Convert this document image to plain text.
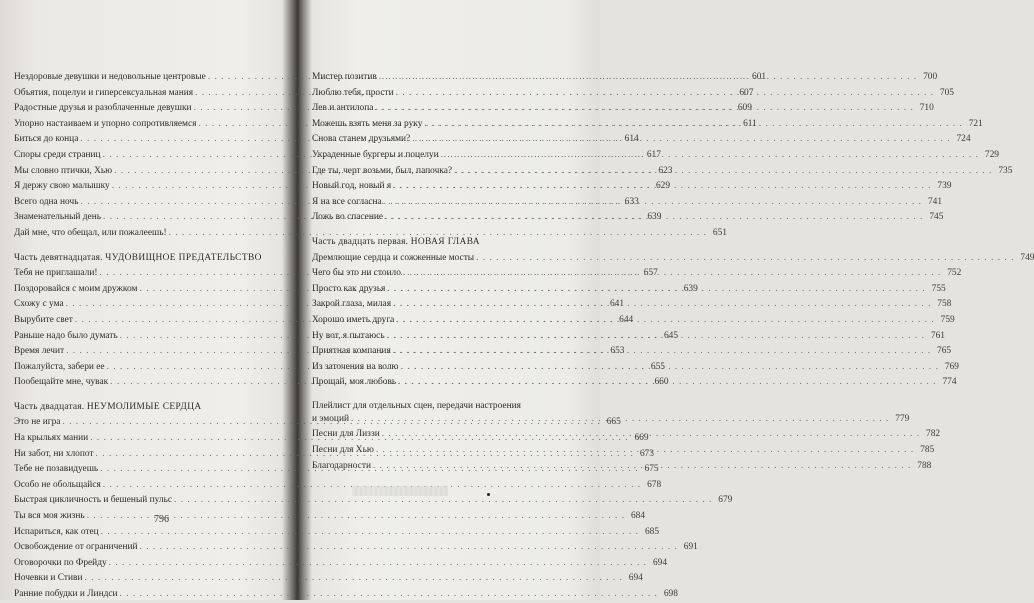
Нездоровые девушки и недовольные центровые . . .	601
Объятия, поцелуи и гиперсексуальная мания . . .	607
Радостные друзья и разоблаченные девушки . . .	609
Упорно настаиваем и упорно сопротивляемся . . .	611
Биться до конца . . .	614
Споры среди страниц . . .	617
Мы словно птички, Хью . . .	623
Я держу свою малышку . . .	629
Всего одна ночь . . .	633
Знаменательный день . . .	639
Дай мне, что обещал, или пожалеешь! . . .	651
Часть девятнадцатая. ЧУДОВИЩНОЕ ПРЕДАТЕЛЬСТВО
Тебя не приглашали! . . .	657
Поздоровайся с моим дружком . . .	639
Схожу с ума . . .	641
Вырубите свет . . .	644
Раньше надо было думать . . .	645
Время лечит . . .	653
Пожалуйста, забери ее . . .	655
Пообещайте мне, чувак . . .	660
Часть двадцатая. НЕУМОЛИМЫЕ СЕРДЦА
Это не игра . . .	665
На крыльях мании . . .	669
Ни забот, ни хлопот . . .	673
Тебе не позавидуешь . . .	675
Особо не обольщайся . . .	678
Быстрая цикличность и бешеный пульс . . .	679
Ты вся моя жизнь . . .	684
Испариться, как отец . . .	685
Освобождение от ограничений . . .	691
Оговорочки по Фрейду . . .	694
Ночевки и Стиви . . .	694
Ранние побудки и Линдси . . .	698
796
Мистер позитив . . .	700
Люблю тебя, прости . . .	705
Лев и антилопа . . .	710
Можешь взять меня за руку . . .	721
Снова станем друзьями? . . .	724
Украденные бургеры и поцелуи . . .	729
Где ты, черт возьми, был, папочка? . . .	735
Новый год, новый я . . .	739
Я на все согласна . . .	741
Ложь во спасение . . .	745
Часть двадцать первая. НОВАЯ ГЛАВА
Дремлющие сердца и сожженные мосты . . .	749
Чего бы это ни стоило . . .	752
Просто как друзья . . .	755
Закрой глаза, милая . . .	758
Хорошо иметь друга . . .	759
Ну вот, я пытаюсь . . .	761
Приятная компания . . .	765
Из заточения на волю . . .	769
Прощай, моя любовь . . .	774
Плейлист для отдельных сцен, передачи настроения
и эмоций . . .	779
Песни для Лиззи . . .	782
Песни для Хью . . .	785
Благодарности . . .	788
